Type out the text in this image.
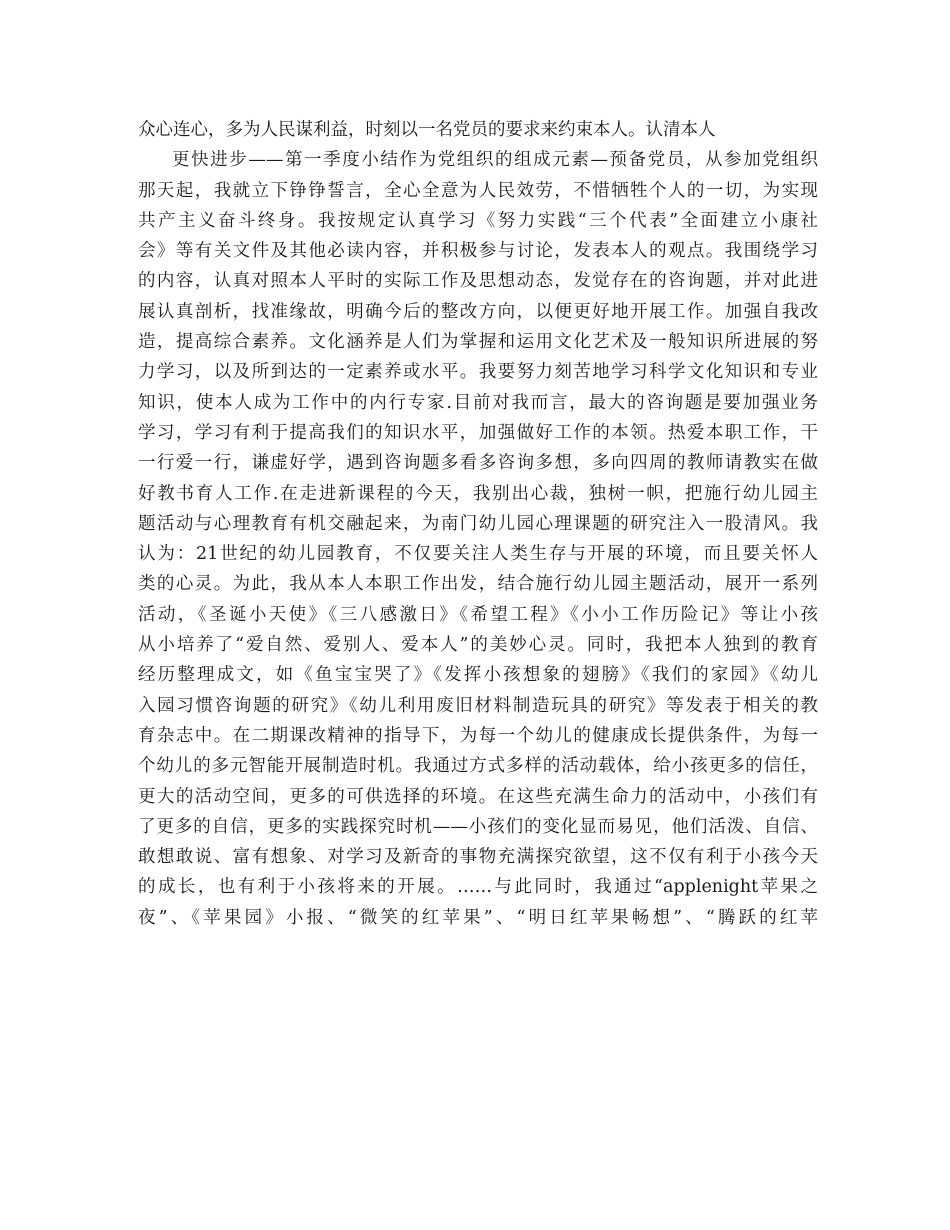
众心连心，多为人民谋利益，时刻以一名党员的要求来约束本人。认清本人
更快进步——第一季度小结作为党组织的组成元素—预备党员，从参加党组织
那天起，我就立下铮铮誓言，全心全意为人民效劳，不惜牺牲个人的一切，为实现
共产主义奋斗终身。我按规定认真学习《努力实践“三个代表”全面建立小康社
会》等有关文件及其他必读内容，并积极参与讨论，发表本人的观点。我围绕学习
的内容，认真对照本人平时的实际工作及思想动态，发觉存在的咨询题，并对此进
展认真剖析，找准缘故，明确今后的整改方向，以便更好地开展工作。加强自我改
造，提高综合素养。文化涵养是人们为掌握和运用文化艺术及一般知识所进展的努
力学习，以及所到达的一定素养或水平。我要努力刻苦地学习科学文化知识和专业
知识，使本人成为工作中的内行专家.目前对我而言，最大的咨询题是要加强业务
学习，学习有利于提高我们的知识水平，加强做好工作的本领。热爱本职工作，干
一行爱一行，谦虚好学，遇到咨询题多看多咨询多想，多向四周的教师请教实在做
好教书育人工作.在走进新课程的今天，我别出心裁，独树一帜，把施行幼儿园主
题活动与心理教育有机交融起来，为南门幼儿园心理课题的研究注入一股清风。我
认为：21世纪的幼儿园教育，不仅要关注人类生存与开展的环境，而且要关怀人
类的心灵。为此，我从本人本职工作出发，结合施行幼儿园主题活动，展开一系列
活动，《圣诞小天使》《三八感激日》《希望工程》《小小工作历险记》等让小孩
从小培养了“爱自然、爱别人、爱本人”的美妙心灵。同时，我把本人独到的教育
经历整理成文，如《鱼宝宝哭了》《发挥小孩想象的翅膀》《我们的家园》《幼儿
入园习惯咨询题的研究》《幼儿利用废旧材料制造玩具的研究》等发表于相关的教
育杂志中。在二期课改精神的指导下，为每一个幼儿的健康成长提供条件，为每一
个幼儿的多元智能开展制造时机。我通过方式多样的活动载体，给小孩更多的信任，
更大的活动空间，更多的可供选择的环境。在这些充满生命力的活动中，小孩们有
了更多的自信，更多的实践探究时机——小孩们的变化显而易见，他们活泼、自信、
敢想敢说、富有想象、对学习及新奇的事物充满探究欲望，这不仅有利于小孩今天
的成长，也有利于小孩将来的开展。……与此同时，我通过“applenight苹果之
夜”、《苹果园》小报、“微笑的红苹果”、“明日红苹果畅想”、“腾跃的红苹
